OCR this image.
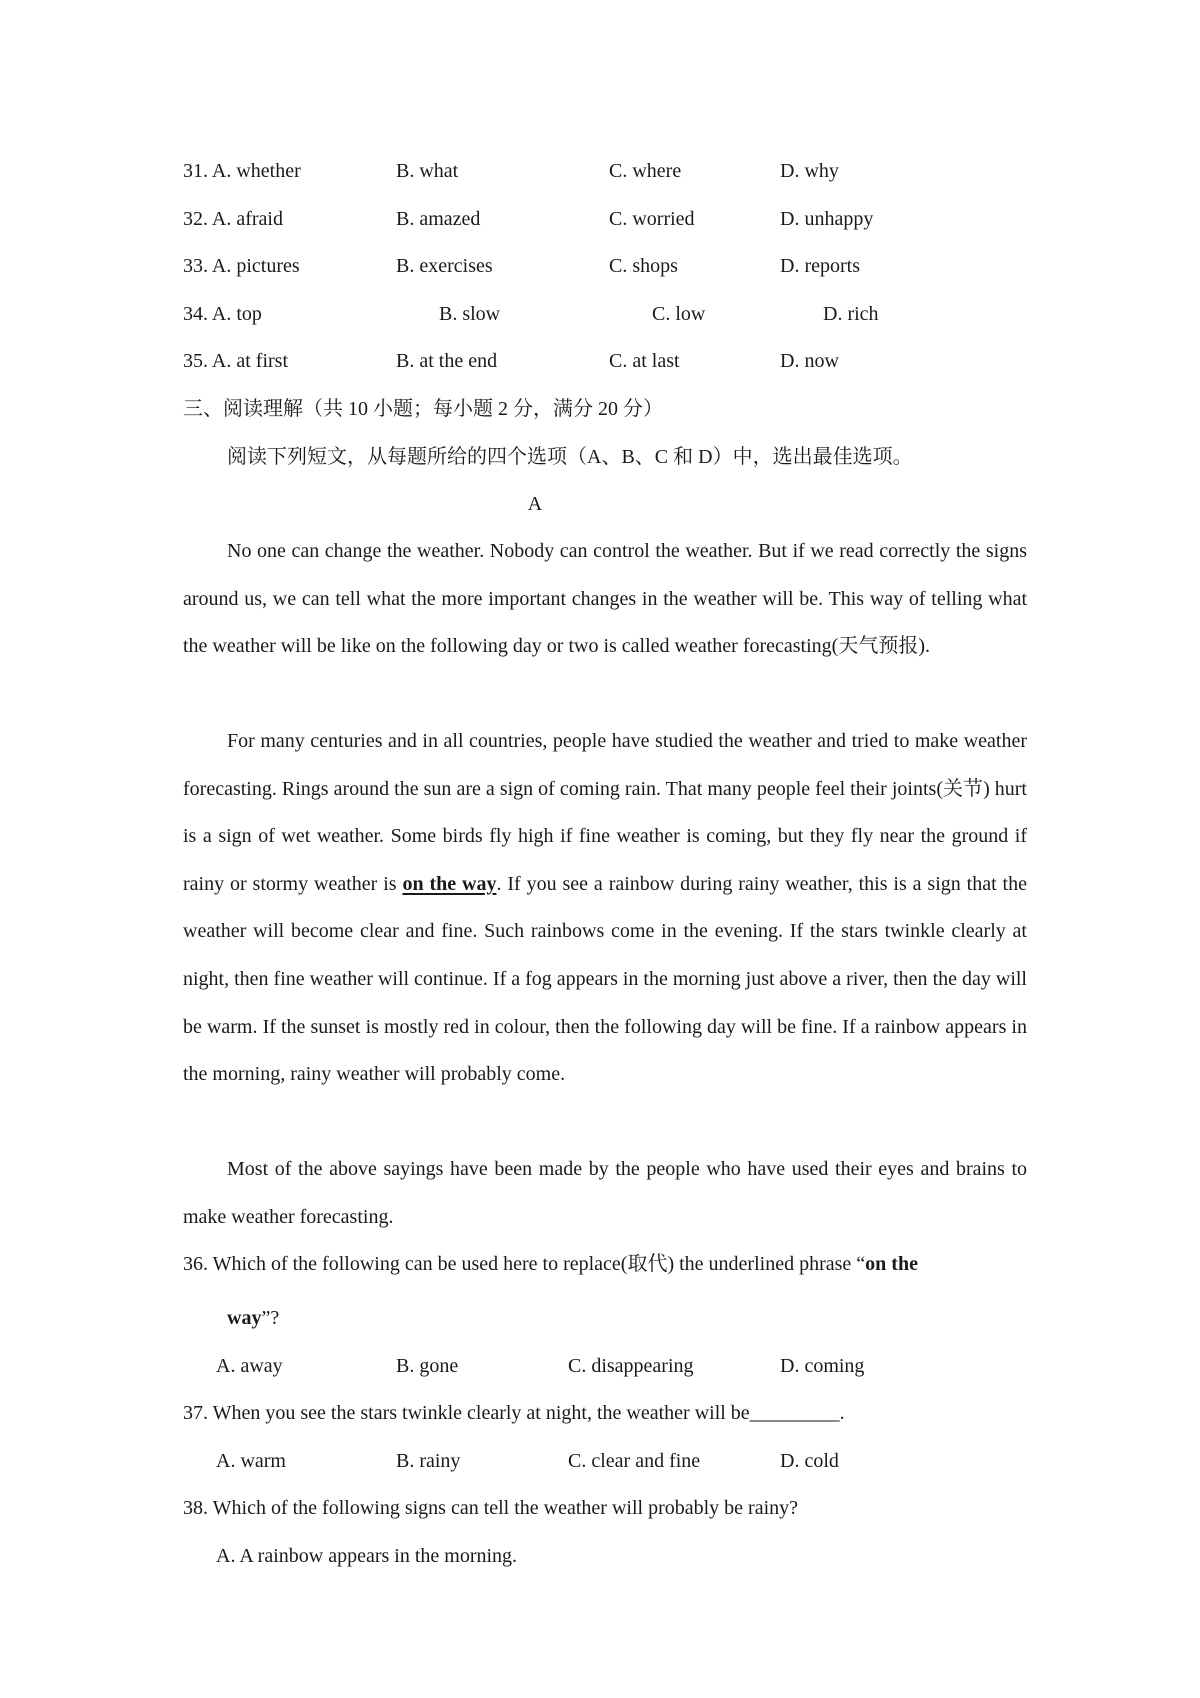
31. A. whether	B. what	C. where	D. why
32. A. afraid	B. amazed	C. worried	D. unhappy
33. A. pictures	B. exercises	C. shops	D. reports
34. A. top	B. slow	C. low	D. rich
35. A. at first	B. at the end	C. at last	D. now
三、阅读理解（共 10 小题；每小题 2 分，满分 20 分）
阅读下列短文，从每题所给的四个选项（A、B、C 和 D）中，选出最佳选项。
A

No one can change the weather. Nobody can control the weather. But if we read correctly the signs around us, we can tell what the more important changes in the weather will be. This way of telling what the weather will be like on the following day or two is called weather forecasting(天气预报).

For many centuries and in all countries, people have studied the weather and tried to make weather forecasting. Rings around the sun are a sign of coming rain. That many people feel their joints(关节) hurt is a sign of wet weather. Some birds fly high if fine weather is coming, but they fly near the ground if rainy or stormy weather is on the way. If you see a rainbow during rainy weather, this is a sign that the weather will become clear and fine. Such rainbows come in the evening. If the stars twinkle clearly at night, then fine weather will continue. If a fog appears in the morning just above a river, then the day will be warm. If the sunset is mostly red in colour, then the following day will be fine. If a rainbow appears in the morning, rainy weather will probably come.

Most of the above sayings have been made by the people who have used their eyes and brains to make weather forecasting.

36. Which of the following can be used here to replace(取代) the underlined phrase “on the

way”?
A. away	B. gone	C. disappearing	D. coming
37. When you see the stars twinkle clearly at night, the weather will be_________.
A. warm	B. rainy	C. clear and fine	D. cold
38. Which of the following signs can tell the weather will probably be rainy?
A. A rainbow appears in the morning.
